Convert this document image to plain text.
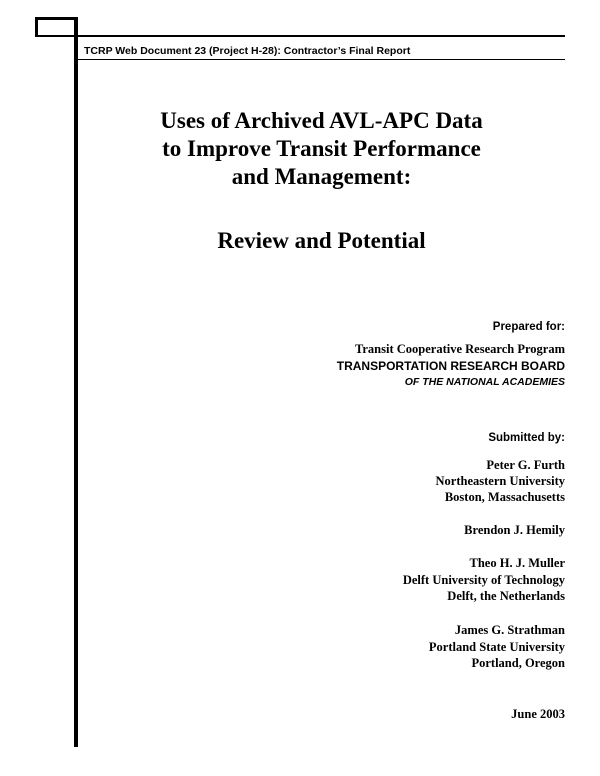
TCRP Web Document 23 (Project H-28): Contractor’s Final Report
Uses of Archived AVL-APC Data
to Improve Transit Performance
and Management:
Review and Potential
Prepared for:
Transit Cooperative Research Program
TRANSPORTATION RESEARCH BOARD
OF THE NATIONAL ACADEMIES
Submitted by:
Peter G. Furth
Northeastern University
Boston, Massachusetts
Brendon J. Hemily
Theo H. J. Muller
Delft University of Technology
Delft, the Netherlands
James G. Strathman
Portland State University
Portland, Oregon
June 2003
